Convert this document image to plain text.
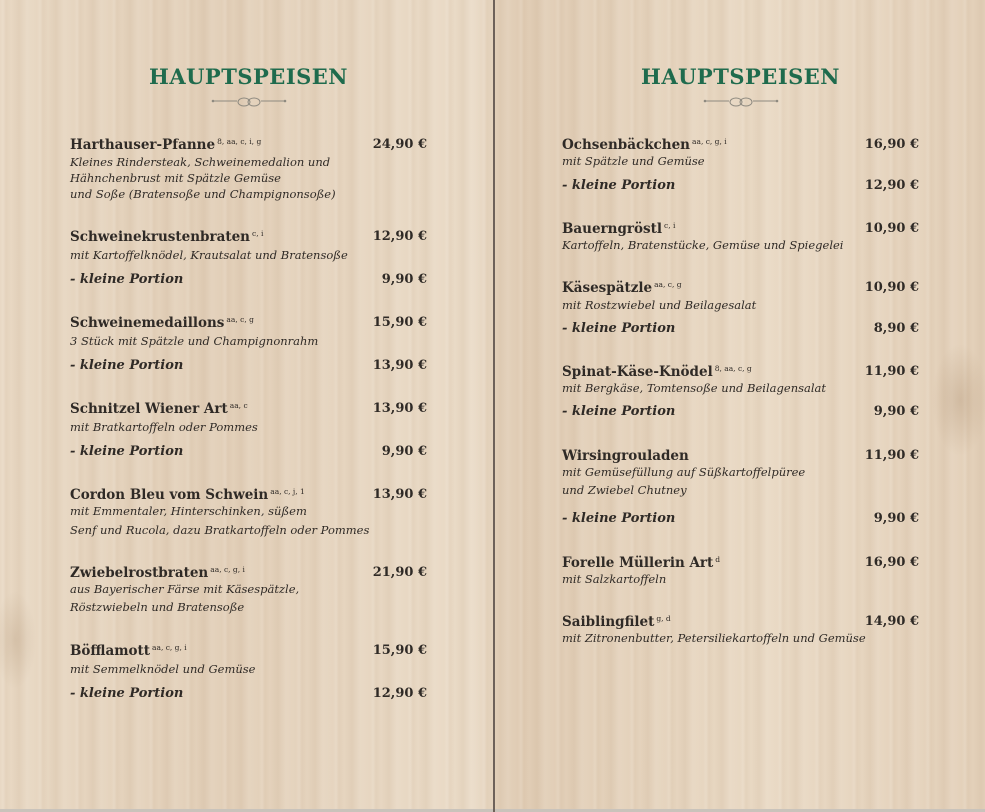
HAUPTSPEISEN
Harthauser-Pfanne $^{8, aa, c, i, g}$	24,90 €
Kleines Rindersteak, Schweinemedalion und
Hähnchenbrust mit Spätzle Gemüse
und Soße (Bratensoße und Champignonsoße)
Schweinekrustenbraten $^{c, i}$	12,90 €
mit Kartoffelknödel, Krautsalat und Bratensoße
- kleine Portion	9,90 €
Schweinemedaillons $^{aa, c, g}$	15,90 €
3 Stück mit Spätzle und Champignonrahm
- kleine Portion	13,90 €
Schnitzel Wiener Art $^{aa, c}$	13,90 €
mit Bratkartoffeln oder Pommes
- kleine Portion	9,90 €
Cordon Bleu vom Schwein $^{aa, c, j, 1}$	13,90 €
mit Emmentaler, Hinterschinken, süßem
Senf und Rucola, dazu Bratkartoffeln oder Pommes
Zwiebelrostbraten $^{aa, c, g, i}$	21,90 €
aus Bayerischer Färse mit Käsespätzle,
Röstzwiebeln und Bratensoße
Böfflamott $^{aa, c, g, i}$	15,90 €
mit Semmelknödel und Gemüse
- kleine Portion	12,90 €
HAUPTSPEISEN
Ochsenbäckchen $^{aa, c, g, i}$	16,90 €
mit Spätzle und Gemüse
- kleine Portion	12,90 €
Bauerngröstl $^{c, i}$	10,90 €
Kartoffeln, Bratenstücke, Gemüse und Spiegelei
Käsespätzle $^{aa, c, g}$	10,90 €
mit Rostzwiebel und Beilagesalat
- kleine Portion	8,90 €
Spinat-Käse-Knödel $^{8, aa, c, g}$	11,90 €
mit Bergkäse, Tomtensoße und Beilagensalat
- kleine Portion	9,90 €
Wirsingrouladen	11,90 €
mit Gemüsefüllung auf Süßkartoffelpüree
und Zwiebel Chutney
- kleine Portion	9,90 €
Forelle Müllerin Art $^d$	16,90 €
mit Salzkartoffeln
Saiblingfilet $^{g, d}$	14,90 €
mit Zitronenbutter, Petersiliekartoffeln und Gemüse
